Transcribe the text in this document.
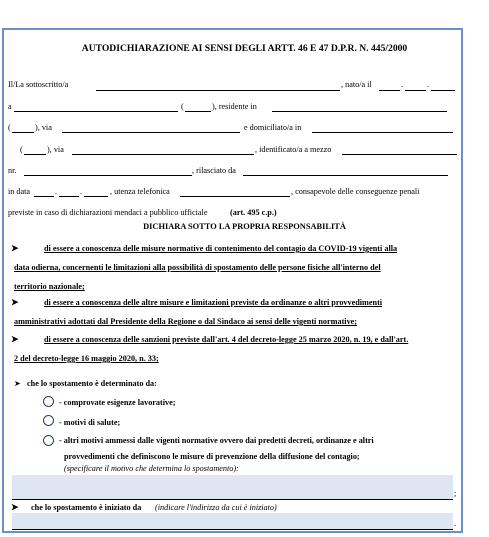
AUTODICHIARAZIONE AI SENSI DEGLI ARTT. 46 E 47 D.P.R. N. 445/2000
Il/La sottoscritto/a	, nato/a il	.	.
a	(	), residente in
(	), via	e domiciliato/a in
(	), via	, identificato/a a mezzo
nr.	, rilasciato da
in data	.	.	, utenza telefonica	, consapevole delle conseguenze penali
previste in caso di dichiarazioni mendaci a pubblico ufficiale	(art. 495 c.p.)
DICHIARA SOTTO LA PROPRIA RESPONSABILITÀ
➤	di essere a conoscenza delle misure normative di contenimento del contagio da COVID-19 vigenti alla
data odierna, concernenti le limitazioni alla possibilità di spostamento delle persone fisiche all'interno del
territorio nazionale;
➤	di essere a conoscenza delle altre misure e limitazioni previste da ordinanze o altri provvedimenti
amministrativi adottati dal Presidente della Regione o dal Sindaco ai sensi delle vigenti normative;
➤	di essere a conoscenza delle sanzioni previste dall'art. 4 del decreto-legge 25 marzo 2020, n. 19, e dall'art.
2 del decreto-legge 16 maggio 2020, n. 33;
➤ che lo spostamento è determinato da:
- comprovate esigenze lavorative;
- motivi di salute;
- altri motivi ammessi dalle vigenti normative ovvero dai predetti decreti, ordinanze e altri
provvedimenti che definiscono le misure di prevenzione della diffusione del contagio;
(specificare il motivo che determina lo spostamento):
;
➤ che lo spostamento è iniziato da (indicare l'indirizzo da cui è iniziato)
.
